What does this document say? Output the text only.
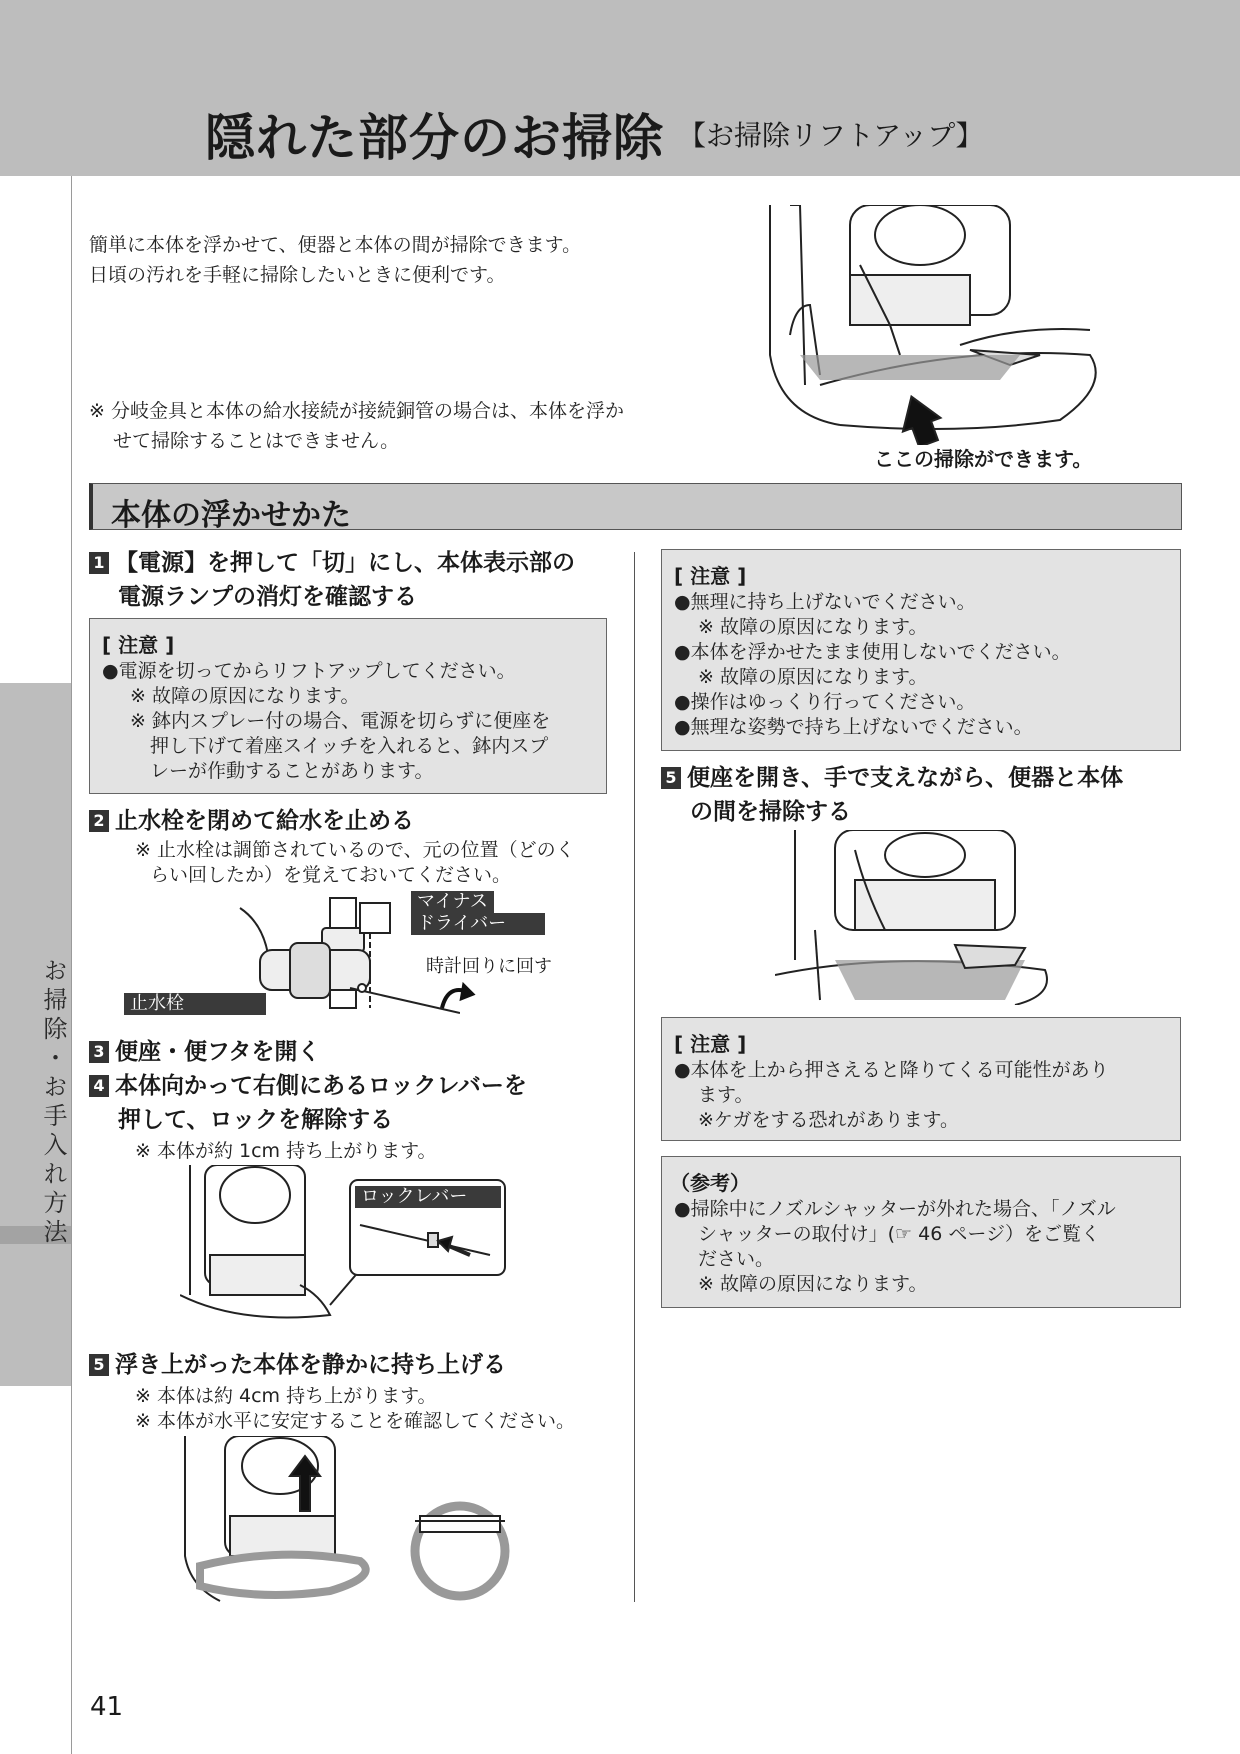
隠れた部分のお掃除 【お掃除リフトアップ】
お掃除・お手入れ方法
簡単に本体を浮かせて、便器と本体の間が掃除できます。
日頃の汚れを手軽に掃除したいときに便利です。
※ 分岐金具と本体の給水接続が接続銅管の場合は、本体を浮か
せて掃除することはできません。
ここの掃除ができます。
本体の浮かせかた
1 【電源】を押して「切」にし、本体表示部の
電源ランプの消灯を確認する
[ 注意 ]
●電源を切ってからリフトアップしてください。
※ 故障の原因になります。
※ 鉢内スプレー付の場合、電源を切らずに便座を
押し下げて着座スイッチを入れると、鉢内スプ
レーが作動することがあります。
2 止水栓を閉めて給水を止める
※ 止水栓は調節されているので、元の位置（どのく
らい回したか）を覚えておいてください。
マイナス
ドライバー
時計回りに回す
止水栓
3 便座・便フタを開く
4 本体向かって右側にあるロックレバーを
押して、ロックを解除する
※ 本体が約 1cm 持ち上がります。
ロックレバー
5 浮き上がった本体を静かに持ち上げる
※ 本体は約 4cm 持ち上がります。
※ 本体が水平に安定することを確認してください。
[ 注意 ]
●無理に持ち上げないでください。
※ 故障の原因になります。
●本体を浮かせたまま使用しないでください。
※ 故障の原因になります。
●操作はゆっくり行ってください。
●無理な姿勢で持ち上げないでください。
5 便座を開き、手で支えながら、便器と本体
の間を掃除する
[ 注意 ]
●本体を上から押さえると降りてくる可能性があり
ます。
※ケガをする恐れがあります。
（参考）
●掃除中にノズルシャッターが外れた場合、「ノズル
シャッターの取付け」(☞ 46 ページ）をご覧く
ださい。
※ 故障の原因になります。
41
